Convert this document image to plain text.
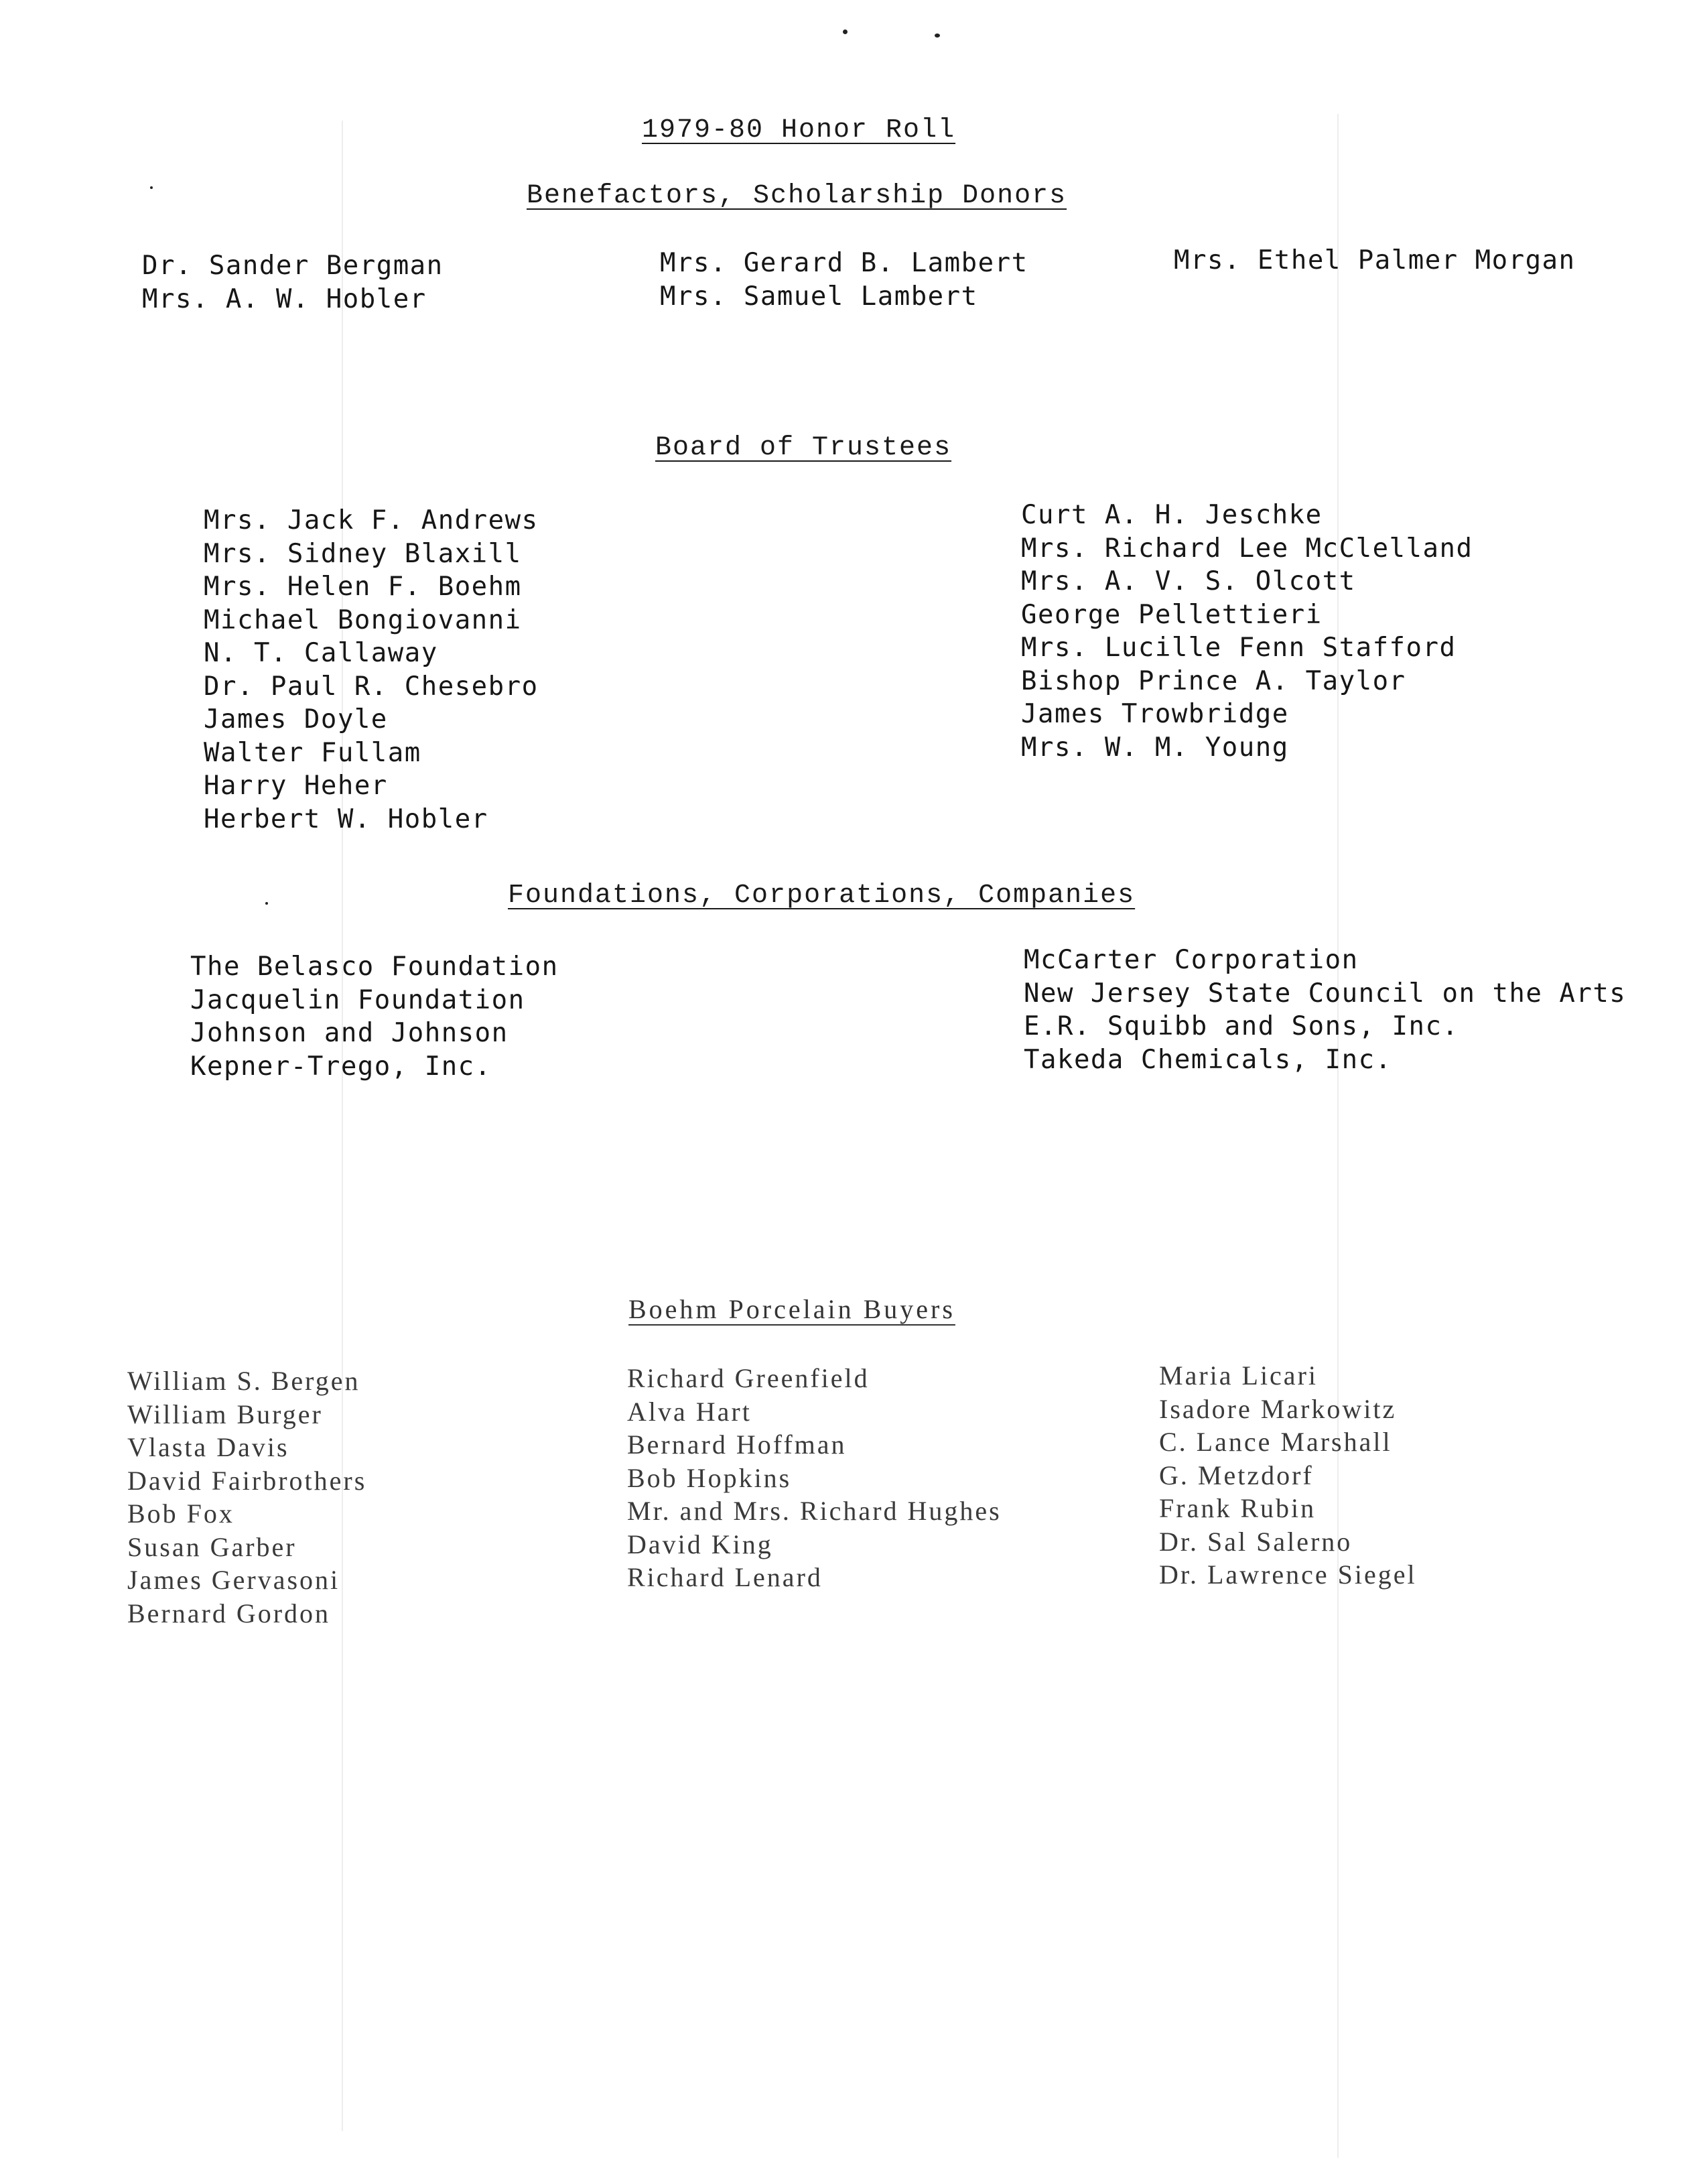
1979-80 Honor Roll
Benefactors, Scholarship Donors
Dr. Sander Bergman
Mrs. A. W. Hobler
Mrs. Gerard B. Lambert
Mrs. Samuel Lambert
Mrs. Ethel Palmer Morgan
Board of Trustees
Mrs. Jack F. Andrews
Mrs. Sidney Blaxill
Mrs. Helen F. Boehm
Michael Bongiovanni
N. T. Callaway
Dr. Paul R. Chesebro
James Doyle
Walter Fullam
Harry Heher
Herbert W. Hobler
Curt A. H. Jeschke
Mrs. Richard Lee McClelland
Mrs. A. V. S. Olcott
George Pellettieri
Mrs. Lucille Fenn Stafford
Bishop Prince A. Taylor
James Trowbridge
Mrs. W. M. Young
Foundations, Corporations, Companies
The Belasco Foundation
Jacquelin Foundation
Johnson and Johnson
Kepner-Trego, Inc.
McCarter Corporation
New Jersey State Council on the Arts
E.R. Squibb and Sons, Inc.
Takeda Chemicals, Inc.
Boehm Porcelain Buyers
William S. Bergen
William Burger
Vlasta Davis
David Fairbrothers
Bob Fox
Susan Garber
James Gervasoni
Bernard Gordon
Richard Greenfield
Alva Hart
Bernard Hoffman
Bob Hopkins
Mr. and Mrs. Richard Hughes
David King
Richard Lenard
Maria Licari
Isadore Markowitz
C. Lance Marshall
G. Metzdorf
Frank Rubin
Dr. Sal Salerno
Dr. Lawrence Siegel
